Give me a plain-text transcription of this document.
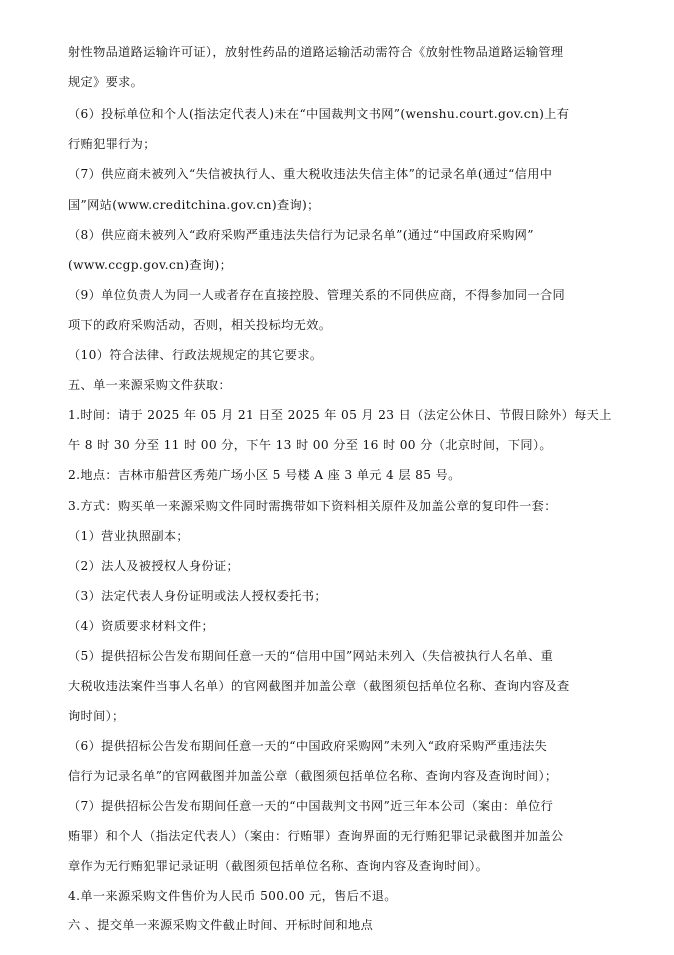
射性物品道路运输许可证），放射性药品的道路运输活动需符合《放射性物品道路运输管理
规定》要求。
（6）投标单位和个人(指法定代表人)未在“中国裁判文书网”(wenshu.court.gov.cn)上有
行贿犯罪行为；
（7）供应商未被列入“失信被执行人、重大税收违法失信主体”的记录名单(通过“信用中
国”网站(www.creditchina.gov.cn)查询)；
（8）供应商未被列入“政府采购严重违法失信行为记录名单”(通过“中国政府采购网”
(www.ccgp.gov.cn)查询)；
（9）单位负责人为同一人或者存在直接控股、管理关系的不同供应商，不得参加同一合同
项下的政府采购活动，否则，相关投标均无效。
（10）符合法律、行政法规规定的其它要求。
五、单一来源采购文件获取：
1.时间：请于 2025 年 05 月 21 日至 2025 年 05 月 23 日（法定公休日、节假日除外）每天上
午 8 时 30 分至 11 时 00 分，下午 13 时 00 分至 16 时 00 分（北京时间，下同）。
2.地点：吉林市船营区秀苑广场小区 5 号楼 A 座 3 单元 4 层 85 号。
3.方式：购买单一来源采购文件同时需携带如下资料相关原件及加盖公章的复印件一套：
（1）营业执照副本；
（2）法人及被授权人身份证；
（3）法定代表人身份证明或法人授权委托书；
（4）资质要求材料文件；
（5）提供招标公告发布期间任意一天的“信用中国”网站未列入（失信被执行人名单、重
大税收违法案件当事人名单）的官网截图并加盖公章（截图须包括单位名称、查询内容及查
询时间）；
（6）提供招标公告发布期间任意一天的“中国政府采购网”未列入“政府采购严重违法失
信行为记录名单”的官网截图并加盖公章（截图须包括单位名称、查询内容及查询时间）；
（7）提供招标公告发布期间任意一天的“中国裁判文书网”近三年本公司（案由：单位行
贿罪）和个人（指法定代表人）（案由：行贿罪）查询界面的无行贿犯罪记录截图并加盖公
章作为无行贿犯罪记录证明（截图须包括单位名称、查询内容及查询时间）。
4.单一来源采购文件售价为人民币 500.00 元，售后不退。
六 、提交单一来源采购文件截止时间、开标时间和地点
